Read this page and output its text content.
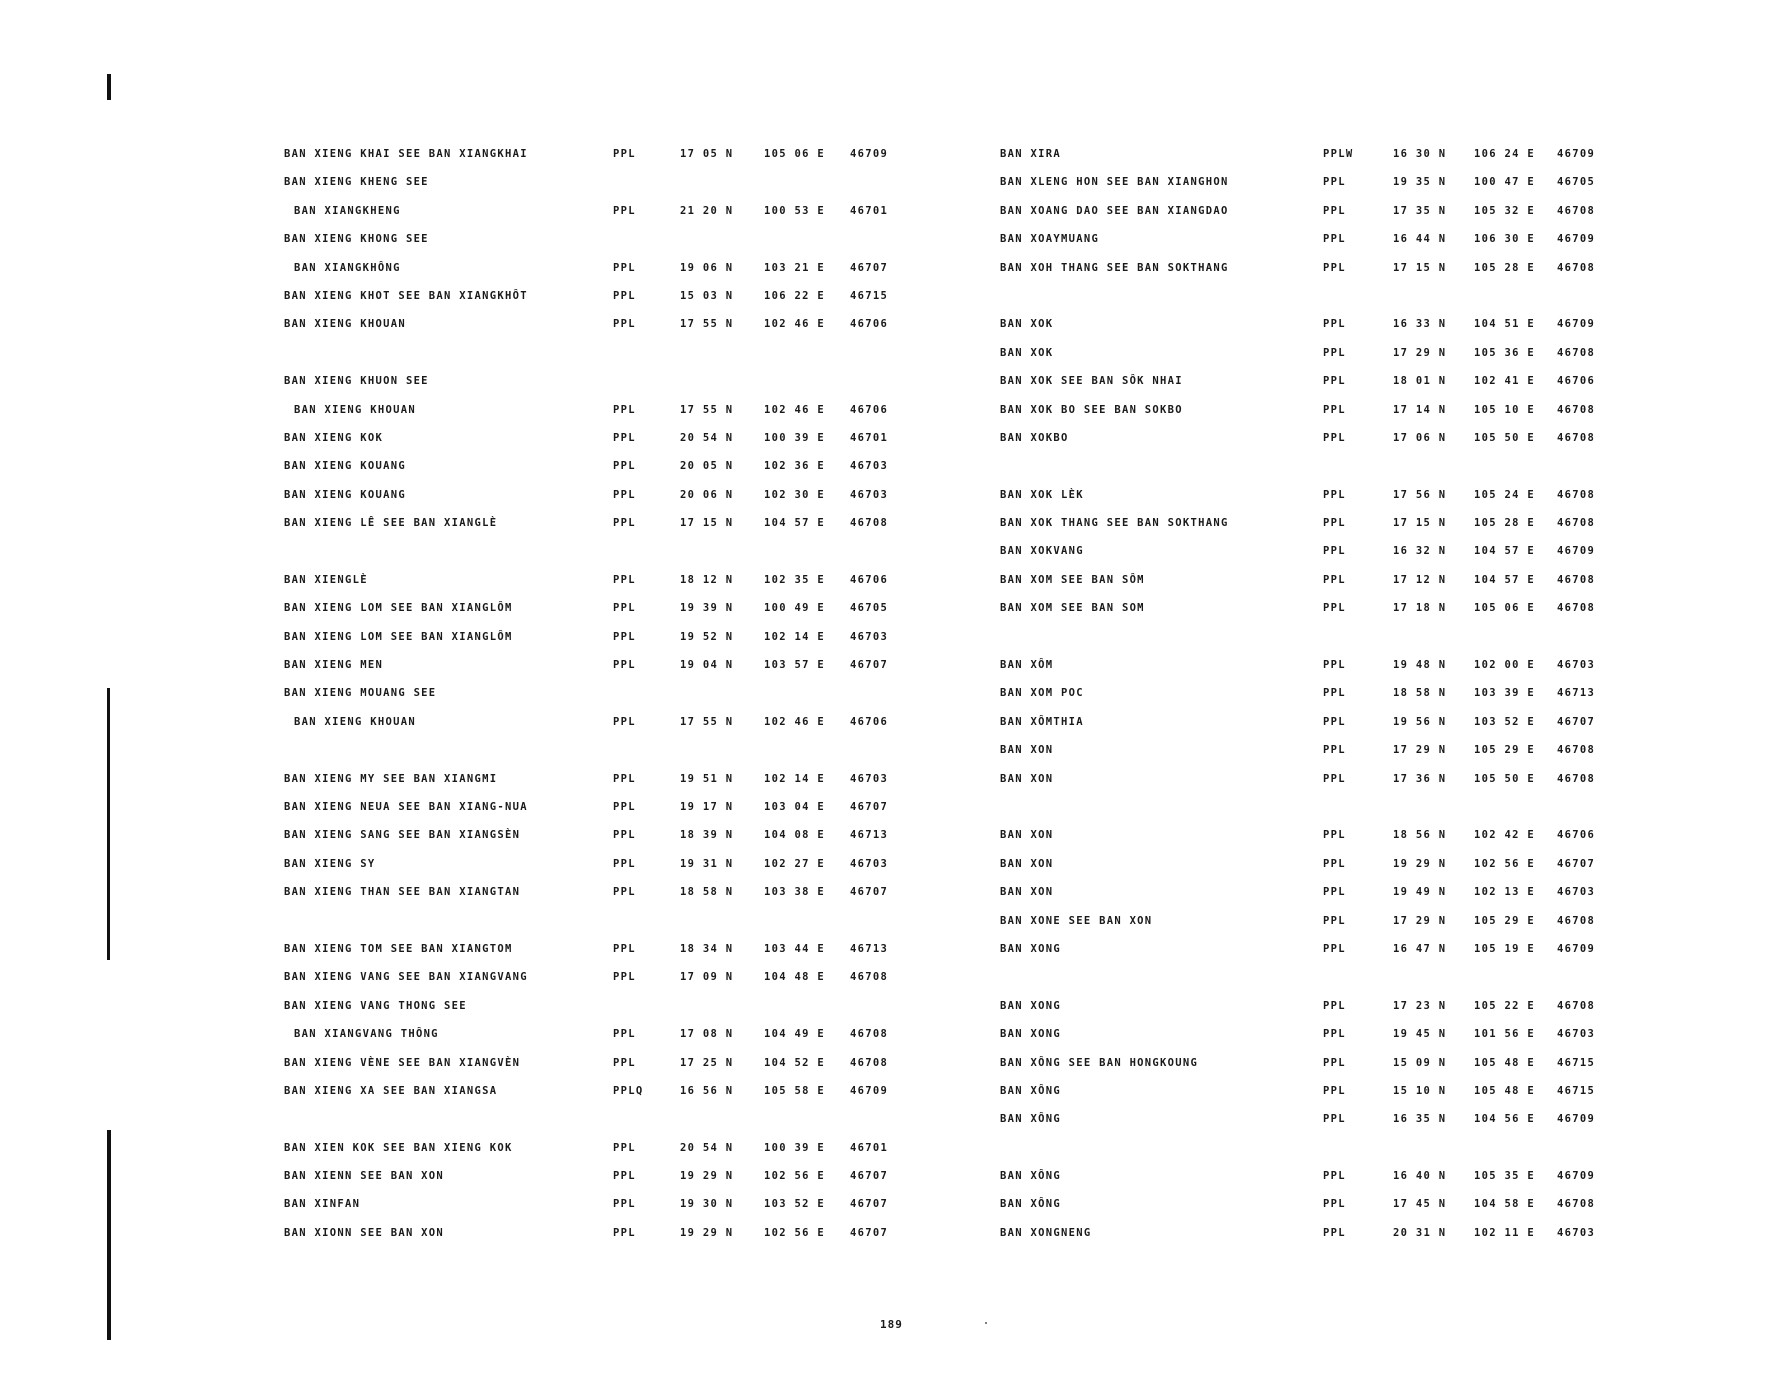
BAN XIENG KHAI SEE BAN XIANGKHAI	PPL	17 05 N	105 06 E 46709
BAN XIENG KHENG SEE
BAN XIANGKHENG	PPL	21 20 N	100 53 E 46701
BAN XIENG KHONG SEE
BAN XIANGKHÔNG	PPL	19 06 N	103 21 E 46707
BAN XIENG KHOT SEE BAN XIANGKHÔT	PPL	15 03 N	106 22 E 46715
BAN XIENG KHOUAN	PPL	17 55 N	102 46 E 46706
BAN XIENG KHUON SEE
BAN XIENG KHOUAN	PPL	17 55 N	102 46 E 46706
BAN XIENG KOK	PPL	20 54 N	100 39 E 46701
BAN XIENG KOUANG	PPL	20 05 N	102 36 E 46703
BAN XIENG KOUANG	PPL	20 06 N	102 30 E 46703
BAN XIENG LÊ SEE BAN XIANGLÈ	PPL	17 15 N	104 57 E 46708
BAN XIENGLÈ	PPL	18 12 N	102 35 E 46706
BAN XIENG LOM SEE BAN XIANGLÔM	PPL	19 39 N	100 49 E 46705
BAN XIENG LOM SEE BAN XIANGLÔM	PPL	19 52 N	102 14 E 46703
BAN XIENG MEN	PPL	19 04 N	103 57 E 46707
BAN XIENG MOUANG SEE
BAN XIENG KHOUAN	PPL	17 55 N	102 46 E 46706
BAN XIENG MY SEE BAN XIANGMI	PPL	19 51 N	102 14 E 46703
BAN XIENG NEUA SEE BAN XIANG-NUA	PPL	19 17 N	103 04 E 46707
BAN XIENG SANG SEE BAN XIANGSÈN	PPL	18 39 N	104 08 E 46713
BAN XIENG SY	PPL	19 31 N	102 27 E 46703
BAN XIENG THAN SEE BAN XIANGTAN	PPL	18 58 N	103 38 E 46707
BAN XIENG TOM SEE BAN XIANGTOM	PPL	18 34 N	103 44 E 46713
BAN XIENG VANG SEE BAN XIANGVANG	PPL	17 09 N	104 48 E 46708
BAN XIENG VANG THONG SEE
BAN XIANGVANG THÔNG	PPL	17 08 N	104 49 E 46708
BAN XIENG VÈNE SEE BAN XIANGVÈN	PPL	17 25 N	104 52 E 46708
BAN XIENG XA SEE BAN XIANGSA	PPLQ	16 56 N	105 58 E 46709
BAN XIEN KOK SEE BAN XIENG KOK	PPL	20 54 N	100 39 E 46701
BAN XIENN SEE BAN XON	PPL	19 29 N	102 56 E 46707
BAN XINFAN	PPL	19 30 N	103 52 E 46707
BAN XIONN SEE BAN XON	PPL	19 29 N	102 56 E 46707
BAN XIRA	PPLW	16 30 N	106 24 E 46709
BAN XLENG HON SEE BAN XIANGHON	PPL	19 35 N	100 47 E 46705
BAN XOANG DAO SEE BAN XIANGDAO	PPL	17 35 N	105 32 E 46708
BAN XOAYMUANG	PPL	16 44 N	106 30 E 46709
BAN XOH THANG SEE BAN SOKTHANG	PPL	17 15 N	105 28 E 46708
BAN XOK	PPL	16 33 N	104 51 E 46709
BAN XOK	PPL	17 29 N	105 36 E 46708
BAN XOK SEE BAN SÔK NHAI	PPL	18 01 N	102 41 E 46706
BAN XOK BO SEE BAN SOKBO	PPL	17 14 N	105 10 E 46708
BAN XOKBO	PPL	17 06 N	105 50 E 46708
BAN XOK LÈK	PPL	17 56 N	105 24 E 46708
BAN XOK THANG SEE BAN SOKTHANG	PPL	17 15 N	105 28 E 46708
BAN XOKVANG	PPL	16 32 N	104 57 E 46709
BAN XOM SEE BAN SÔM	PPL	17 12 N	104 57 E 46708
BAN XOM SEE BAN SOM	PPL	17 18 N	105 06 E 46708
BAN XÔM	PPL	19 48 N	102 00 E 46703
BAN XOM POC	PPL	18 58 N	103 39 E 46713
BAN XÔMTHIA	PPL	19 56 N	103 52 E 46707
BAN XON	PPL	17 29 N	105 29 E 46708
BAN XON	PPL	17 36 N	105 50 E 46708
BAN XON	PPL	18 56 N	102 42 E 46706
BAN XON	PPL	19 29 N	102 56 E 46707
BAN XON	PPL	19 49 N	102 13 E 46703
BAN XONE SEE BAN XON	PPL	17 29 N	105 29 E 46708
BAN XONG	PPL	16 47 N	105 19 E 46709
BAN XONG	PPL	17 23 N	105 22 E 46708
BAN XONG	PPL	19 45 N	101 56 E 46703
BAN XÔNG SEE BAN HONGKOUNG	PPL	15 09 N	105 48 E 46715
BAN XÔNG	PPL	15 10 N	105 48 E 46715
BAN XÔNG	PPL	16 35 N	104 56 E 46709
BAN XÔNG	PPL	16 40 N	105 35 E 46709
BAN XÔNG	PPL	17 45 N	104 58 E 46708
BAN XONGNENG	PPL	20 31 N	102 11 E 46703
189
